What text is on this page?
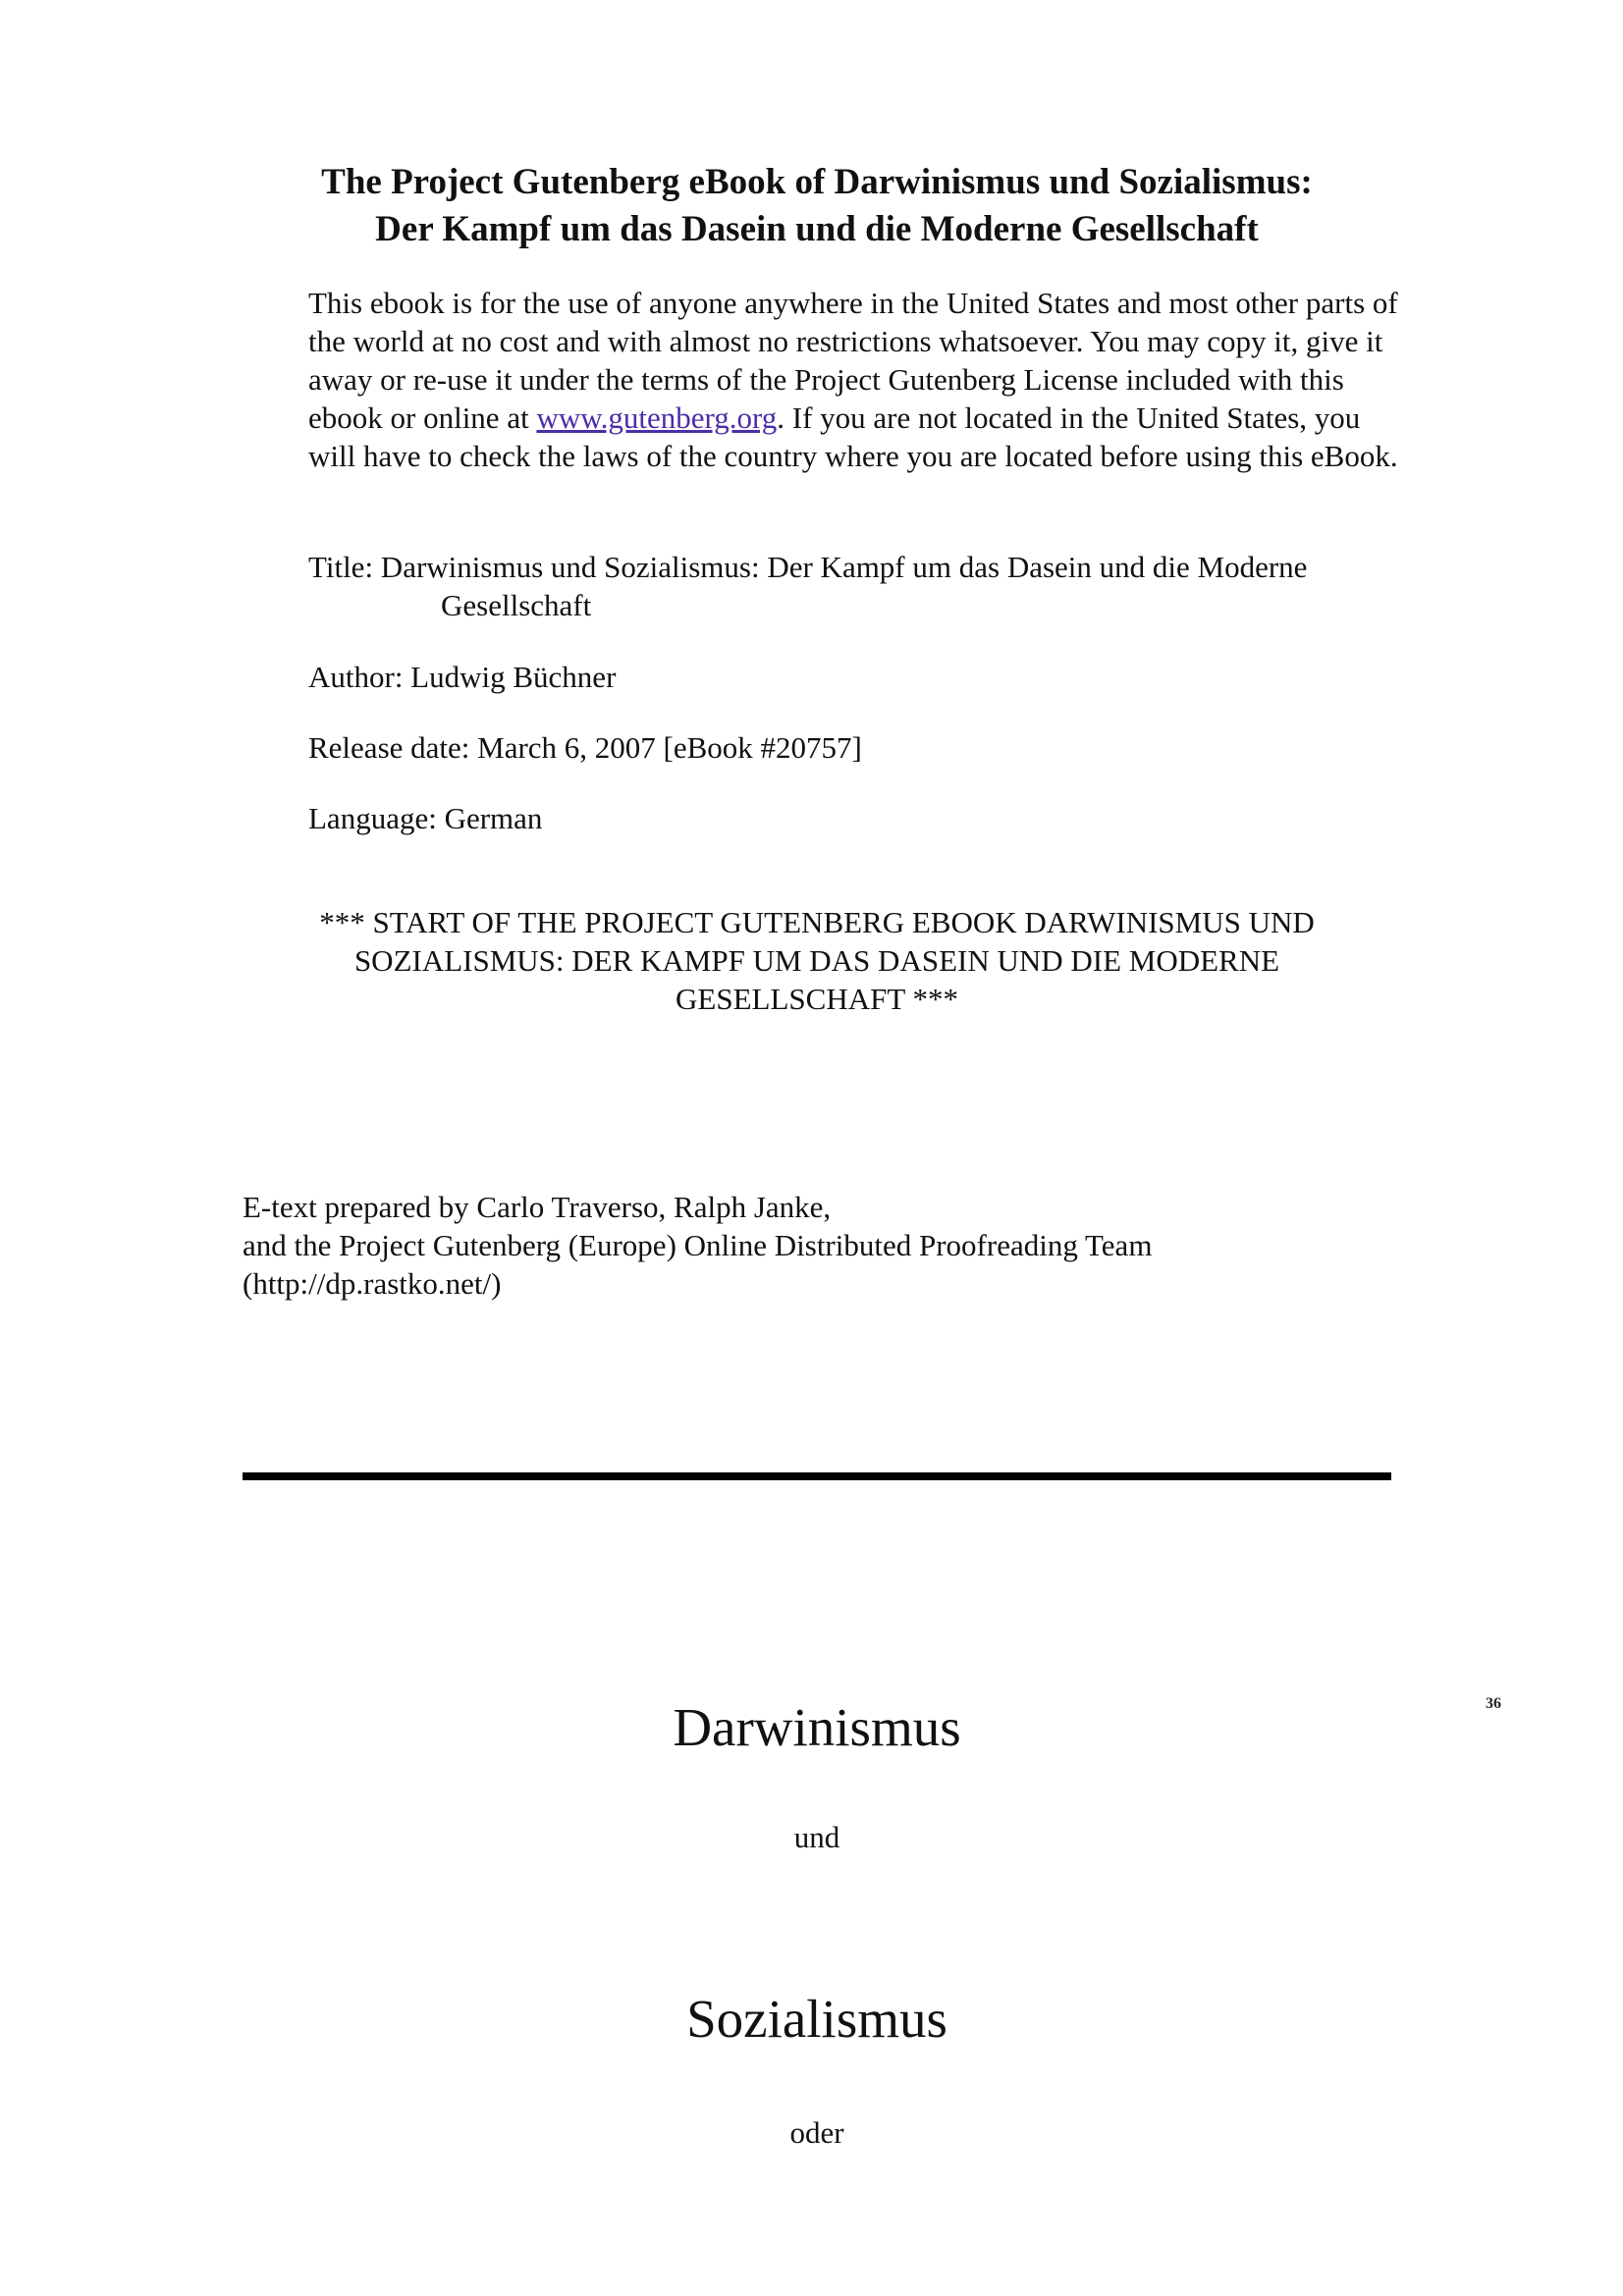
The Project Gutenberg eBook of Darwinismus und Sozialismus:
Der Kampf um das Dasein und die Moderne Gesellschaft
This ebook is for the use of anyone anywhere in the United States and most other parts of the world at no cost and with almost no restrictions whatsoever. You may copy it, give it away or re-use it under the terms of the Project Gutenberg License included with this ebook or online at www.gutenberg.org. If you are not located in the United States, you will have to check the laws of the country where you are located before using this eBook.
Title: Darwinismus und Sozialismus: Der Kampf um das Dasein und die Moderne
Gesellschaft
Author: Ludwig Büchner
Release date: March 6, 2007 [eBook #20757]
Language: German
*** START OF THE PROJECT GUTENBERG EBOOK DARWINISMUS UND
SOZIALISMUS: DER KAMPF UM DAS DASEIN UND DIE MODERNE
GESELLSCHAFT ***
E-text prepared by Carlo Traverso, Ralph Janke,
and the Project Gutenberg (Europe) Online Distributed Proofreading Team
(http://dp.rastko.net/)
Darwinismus	36
und
Sozialismus
oder
